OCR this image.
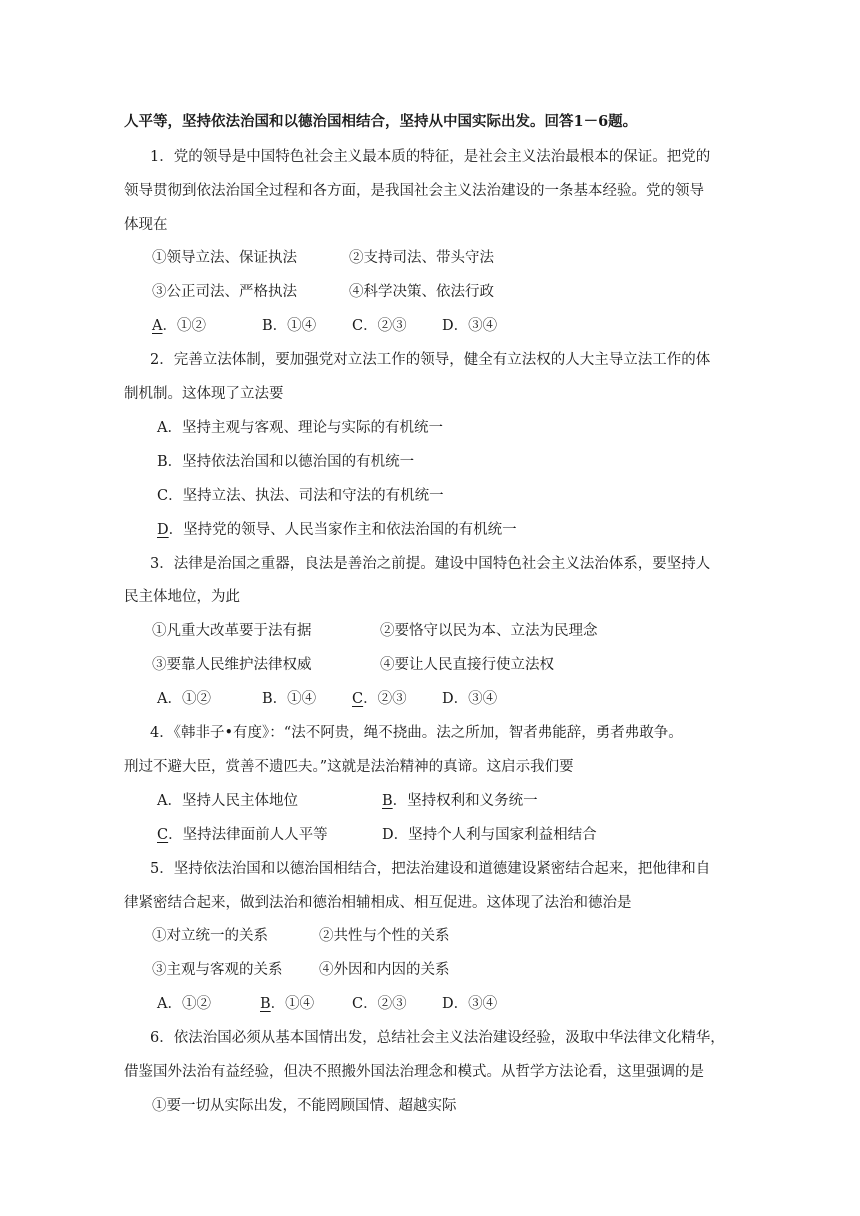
人平等，坚持依法治国和以德治国相结合，坚持从中国实际出发。回答1－6题。
1．党的领导是中国特色社会主义最本质的特征，是社会主义法治最根本的保证。把党的
领导贯彻到依法治国全过程和各方面，是我国社会主义法治建设的一条基本经验。党的领导
体现在
①领导立法、保证执法	②支持司法、带头守法
③公正司法、严格执法	④科学决策、依法行政
A．①②	B．①④ C．②③ D．③④
2．完善立法体制，要加强党对立法工作的领导，健全有立法权的人大主导立法工作的体
制机制。这体现了立法要
A．坚持主观与客观、理论与实际的有机统一
B．坚持依法治国和以德治国的有机统一
C．坚持立法、执法、司法和守法的有机统一
D．坚持党的领导、人民当家作主和依法治国的有机统一
3．法律是治国之重器，良法是善治之前提。建设中国特色社会主义法治体系，要坚持人
民主体地位，为此
①凡重大改革要于法有据	②要恪守以民为本、立法为民理念
③要靠人民维护法律权威	④要让人民直接行使立法权
A．①②	B．①④ C．②③ D．③④
4．《韩非子•有度》：“法不阿贵，绳不挠曲。法之所加，智者弗能辞，勇者弗敢争。
刑过不避大臣，赏善不遗匹夫。”这就是法治精神的真谛。这启示我们要
A．坚持人民主体地位	B．坚持权利和义务统一
C．坚持法律面前人人平等	D．坚持个人利与国家利益相结合
5．坚持依法治国和以德治国相结合，把法治建设和道德建设紧密结合起来，把他律和自
律紧密结合起来，做到法治和德治相辅相成、相互促进。这体现了法治和德治是
①对立统一的关系	②共性与个性的关系
③主观与客观的关系	④外因和内因的关系
A．①②	B．①④	C．②③ D．③④
6．依法治国必须从基本国情出发，总结社会主义法治建设经验，汲取中华法律文化精华，
借鉴国外法治有益经验，但决不照搬外国法治理念和模式。从哲学方法论看，这里强调的是
①要一切从实际出发，不能罔顾国情、超越实际
